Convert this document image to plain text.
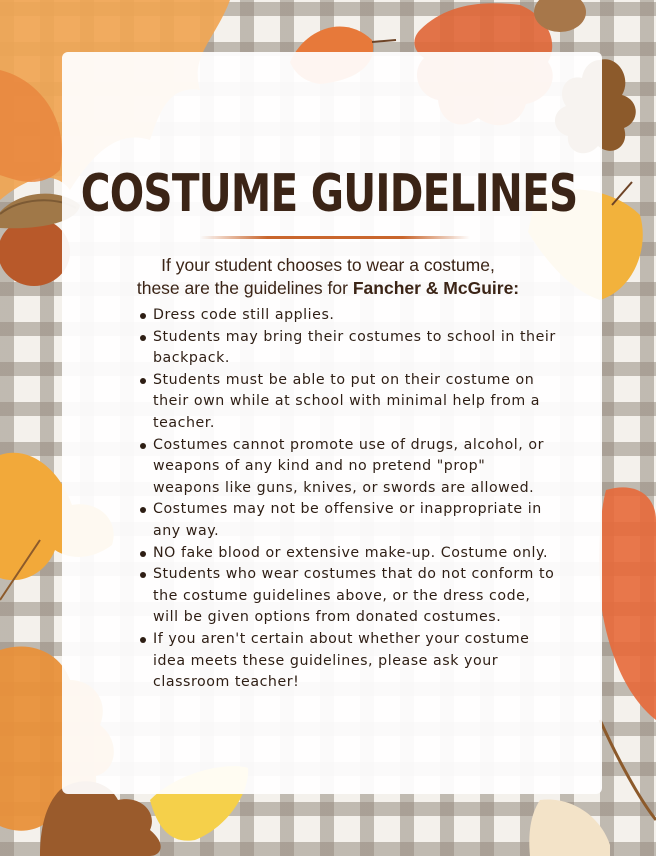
COSTUME GUIDELINES
If your student chooses to wear a costume,
these are the guidelines for Fancher & McGuire:
Dress code still applies.
Students may bring their costumes to school in their backpack.
Students must be able to put on their costume on their own while at school with minimal help from a teacher.
Costumes cannot promote use of drugs, alcohol, or weapons of any kind and no pretend "prop" weapons like guns, knives, or swords are allowed.
Costumes may not be offensive or inappropriate in any way.
NO fake blood or extensive make-up. Costume only.
Students who wear costumes that do not conform to the costume guidelines above, or the dress code, will be given options from donated costumes.
If you aren't certain about whether your costume idea meets these guidelines, please ask your classroom teacher!
